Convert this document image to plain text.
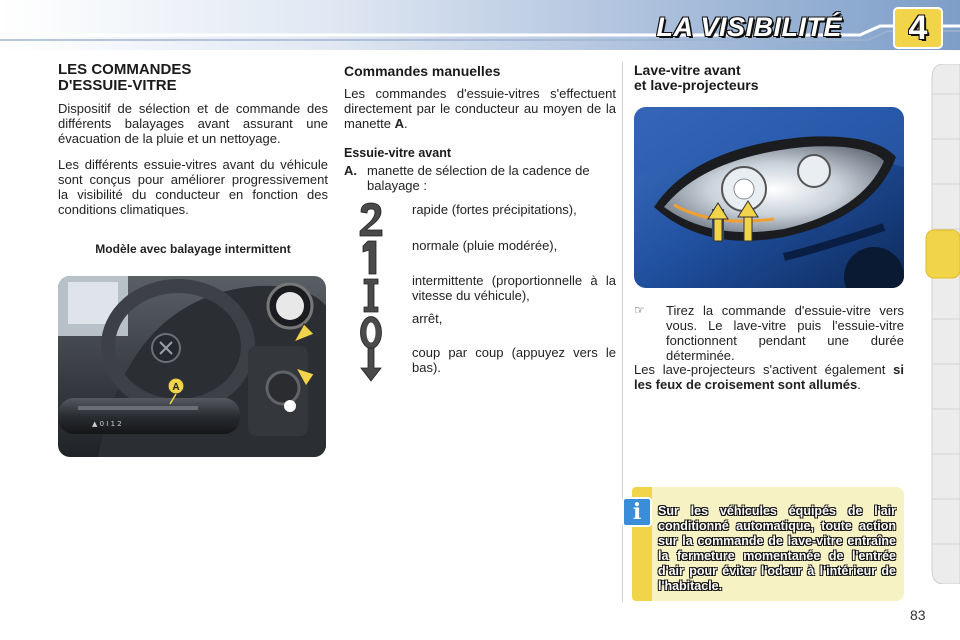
LA VISIBILITÉ	4
LES COMMANDES
D'ESSUIE-VITRE

Dispositif de sélection et de commande des différents balayages avant assurant une évacuation de la pluie et un nettoyage.

Les différents essuie-vitres avant du véhicule sont conçus pour améliorer progressivement la visibilité du conducteur en fonction des conditions climatiques.

Modèle avec balayage intermittent
▲ 0 I 1 2
A
Commandes manuelles

Les commandes d'essuie-vitres s'effectuent directement par le conducteur au moyen de la manette A.

Essuie-vitre avant
A. manette de sélection de la cadence de balayage :
rapide (fortes précipitations),
normale (pluie modérée),
intermittente (proportionnelle à la vitesse du véhicule),
arrêt,
coup par coup (appuyez vers le bas).
Lave-vitre avant
et lave-projecteurs
☞ Tirez la commande d'essuie-vitre vers vous. Le lave-vitre puis l'essuie-vitre fonctionnent pendant une durée déterminée.

Les lave-projecteurs s'activent également si les feux de croisement sont allumés.

i	Sur les véhicules équipés de l'air conditionné automatique, toute action sur la commande de lave-vitre entraîne la fermeture momentanée de l'entrée d'air pour éviter l'odeur à l'intérieur de l'habitacle.
83
